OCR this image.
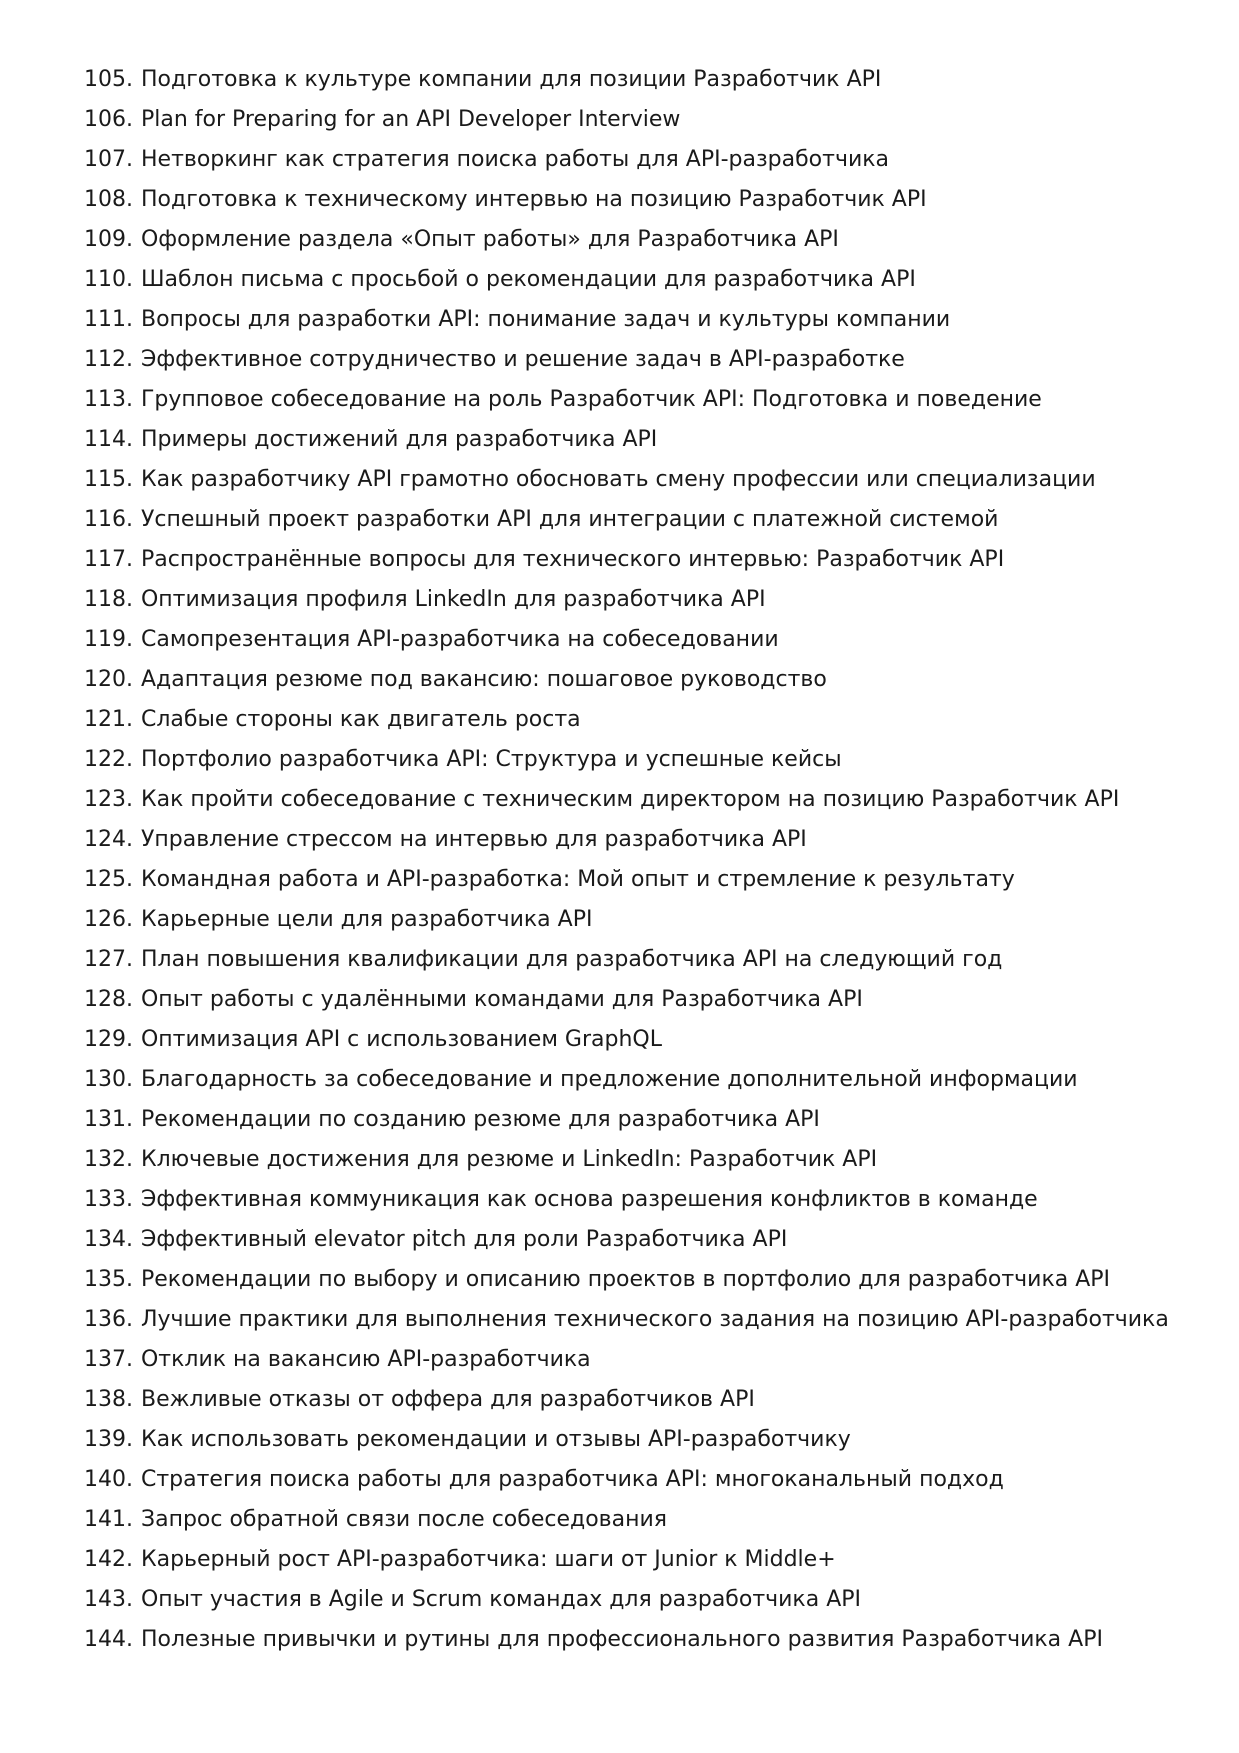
105. Подготовка к культуре компании для позиции Разработчик API
106. Plan for Preparing for an API Developer Interview
107. Нетворкинг как стратегия поиска работы для API-разработчика
108. Подготовка к техническому интервью на позицию Разработчик API
109. Оформление раздела «Опыт работы» для Разработчика API
110. Шаблон письма с просьбой о рекомендации для разработчика API
111. Вопросы для разработки API: понимание задач и культуры компании
112. Эффективное сотрудничество и решение задач в API-разработке
113. Групповое собеседование на роль Разработчик API: Подготовка и поведение
114. Примеры достижений для разработчика API
115. Как разработчику API грамотно обосновать смену профессии или специализации
116. Успешный проект разработки API для интеграции с платежной системой
117. Распространённые вопросы для технического интервью: Разработчик API
118. Оптимизация профиля LinkedIn для разработчика API
119. Самопрезентация API-разработчика на собеседовании
120. Адаптация резюме под вакансию: пошаговое руководство
121. Слабые стороны как двигатель роста
122. Портфолио разработчика API: Структура и успешные кейсы
123. Как пройти собеседование с техническим директором на позицию Разработчик API
124. Управление стрессом на интервью для разработчика API
125. Командная работа и API-разработка: Мой опыт и стремление к результату
126. Карьерные цели для разработчика API
127. План повышения квалификации для разработчика API на следующий год
128. Опыт работы с удалёнными командами для Разработчика API
129. Оптимизация API с использованием GraphQL
130. Благодарность за собеседование и предложение дополнительной информации
131. Рекомендации по созданию резюме для разработчика API
132. Ключевые достижения для резюме и LinkedIn: Разработчик API
133. Эффективная коммуникация как основа разрешения конфликтов в команде
134. Эффективный elevator pitch для роли Разработчика API
135. Рекомендации по выбору и описанию проектов в портфолио для разработчика API
136. Лучшие практики для выполнения технического задания на позицию API-разработчика
137. Отклик на вакансию API-разработчика
138. Вежливые отказы от оффера для разработчиков API
139. Как использовать рекомендации и отзывы API-разработчику
140. Стратегия поиска работы для разработчика API: многоканальный подход
141. Запрос обратной связи после собеседования
142. Карьерный рост API-разработчика: шаги от Junior к Middle+
143. Опыт участия в Agile и Scrum командах для разработчика API
144. Полезные привычки и рутины для профессионального развития Разработчика API
